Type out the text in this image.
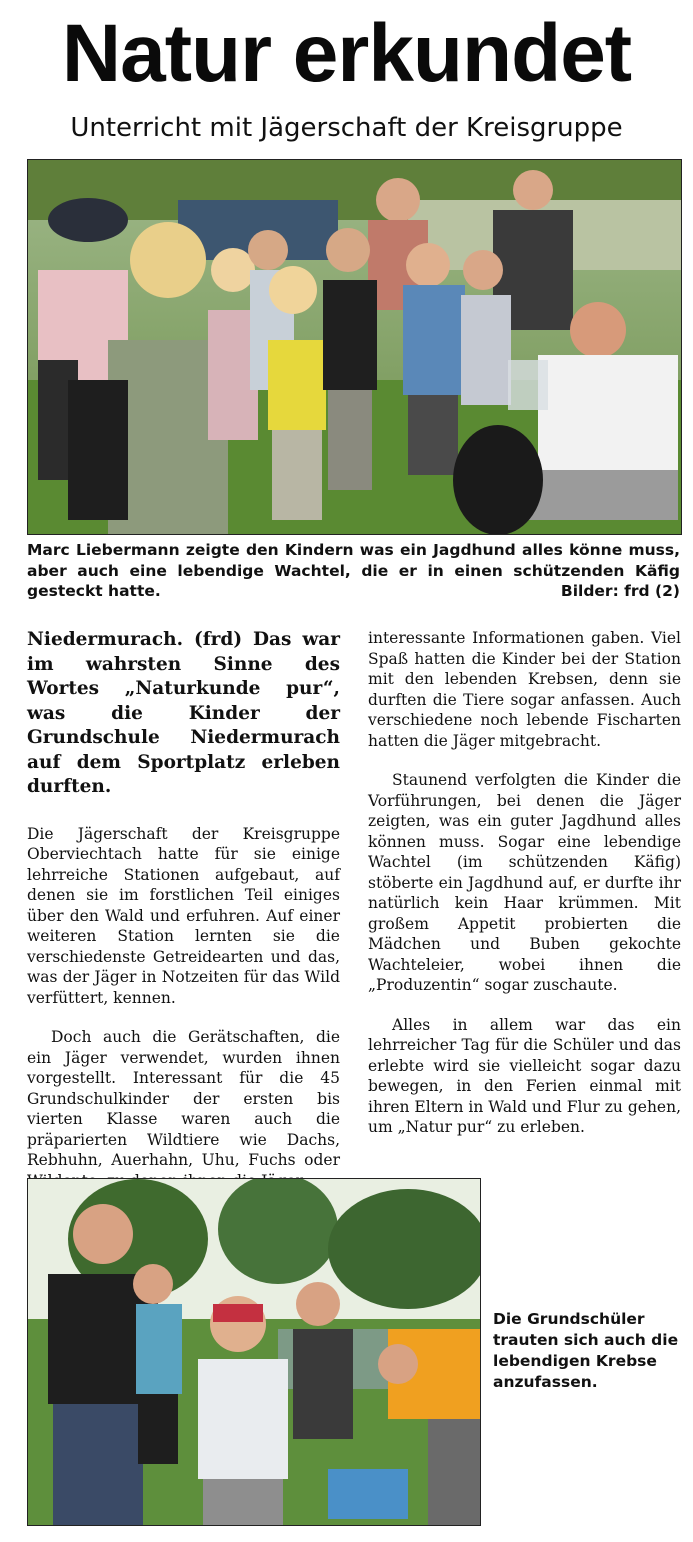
Natur erkundet
Unterricht mit Jägerschaft der Kreisgruppe
Marc Liebermann zeigte den Kindern was ein Jagdhund alles könne muss, aber auch eine lebendige Wachtel, die er in einen schützenden Käfig gesteckt hatte.	Bilder: frd (2)
Niedermurach. (frd) Das war im wahrsten Sinne des Wortes „Naturkunde pur“, was die Kinder der Grundschule Niedermurach auf dem Sportplatz erleben durften.

Die Jägerschaft der Kreisgruppe Oberviechtach hatte für sie einige lehrreiche Stationen aufgebaut, auf denen sie im forstlichen Teil einiges über den Wald und erfuhren. Auf einer weiteren Station lernten sie die verschiedenste Getreidearten und das, was der Jäger in Notzeiten für das Wild verfüttert, kennen.

Doch auch die Gerätschaften, die ein Jäger verwendet, wurden ihnen vorgestellt. Interessant für die 45 Grundschulkinder der ersten bis vierten Klasse waren auch die präparierten Wildtiere wie Dachs, Rebhuhn, Auerhahn, Uhu, Fuchs oder

interessante Informationen gaben. Viel Spaß hatten die Kinder bei der Station mit den lebenden Krebsen, denn sie durften die Tiere sogar anfassen. Auch verschiedene noch lebende Fischarten hatten die Jäger mitgebracht.

Staunend verfolgten die Kinder die Vorführungen, bei denen die Jäger zeigten, was ein guter Jagdhund alles können muss. Sogar eine lebendige Wachtel (im schützenden Käfig) stöberte ein Jagdhund auf, er durfte ihr natürlich kein Haar krümmen. Mit großem Appetit probierten die Mädchen und Buben gekochte Wachteleier, wobei ihnen die „Produzentin“ sogar zuschaute.

Alles in allem war das ein lehrreicher Tag für die Schüler und das erlebte wird sie vielleicht sogar dazu bewegen, in den Ferien einmal mit ihren Eltern in Wald und Flur zu gehen, um „Natur pur“ zu erleben.

Die Grundschüler trauten sich auch die lebendigen Krebse anzufassen.
